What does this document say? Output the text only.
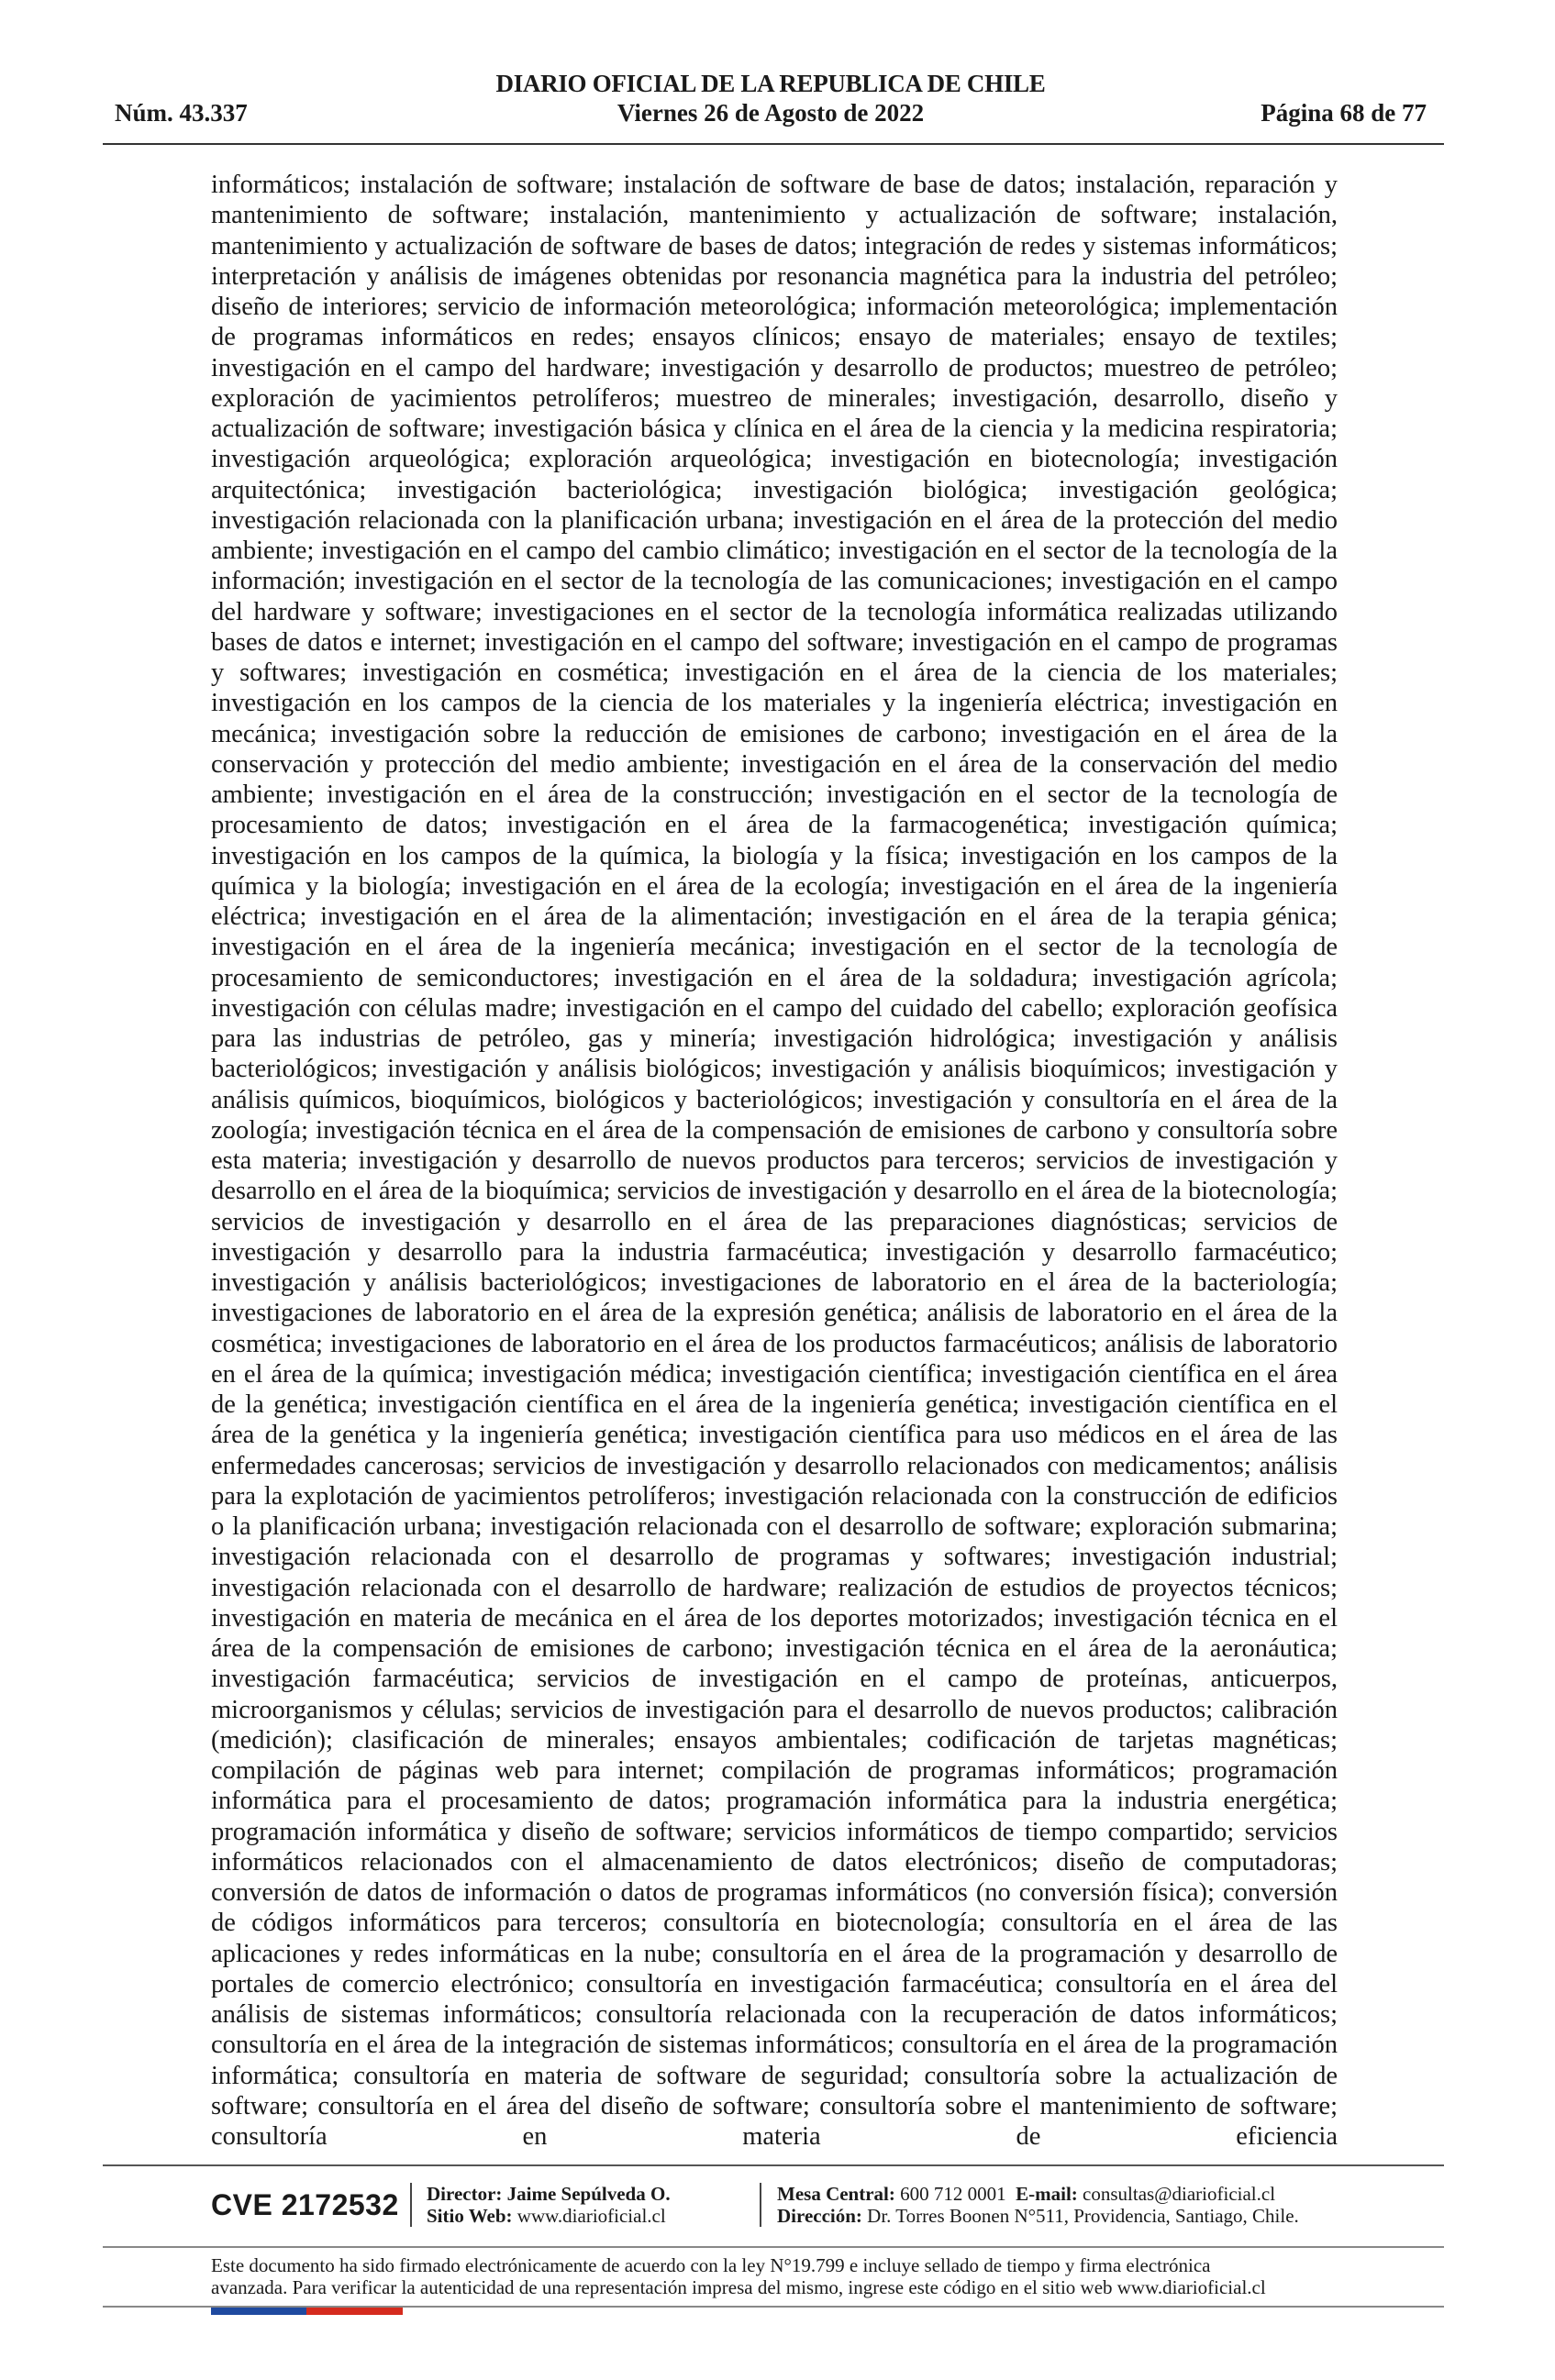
DIARIO OFICIAL DE LA REPUBLICA DE CHILE
Núm. 43.337	Viernes 26 de Agosto de 2022	Página 68 de 77
informáticos; instalación de software; instalación de software de base de datos; instalación, reparación y mantenimiento de software; instalación, mantenimiento y actualización de software; instalación, mantenimiento y actualización de software de bases de datos; integración de redes y sistemas informáticos; interpretación y análisis de imágenes obtenidas por resonancia magnética para la industria del petróleo; diseño de interiores; servicio de información meteorológica; información meteorológica; implementación de programas informáticos en redes; ensayos clínicos; ensayo de materiales; ensayo de textiles; investigación en el campo del hardware; investigación y desarrollo de productos; muestreo de petróleo; exploración de yacimientos petrolíferos; muestreo de minerales; investigación, desarrollo, diseño y actualización de software; investigación básica y clínica en el área de la ciencia y la medicina respiratoria; investigación arqueológica; exploración arqueológica; investigación en biotecnología; investigación arquitectónica; investigación bacteriológica; investigación biológica; investigación geológica; investigación relacionada con la planificación urbana; investigación en el área de la protección del medio ambiente; investigación en el campo del cambio climático; investigación en el sector de la tecnología de la información; investigación en el sector de la tecnología de las comunicaciones; investigación en el campo del hardware y software; investigaciones en el sector de la tecnología informática realizadas utilizando bases de datos e internet; investigación en el campo del software; investigación en el campo de programas y softwares; investigación en cosmética; investigación en el área de la ciencia de los materiales; investigación en los campos de la ciencia de los materiales y la ingeniería eléctrica; investigación en mecánica; investigación sobre la reducción de emisiones de carbono; investigación en el área de la conservación y protección del medio ambiente; investigación en el área de la conservación del medio ambiente; investigación en el área de la construcción; investigación en el sector de la tecnología de procesamiento de datos; investigación en el área de la farmacogenética; investigación química; investigación en los campos de la química, la biología y la física; investigación en los campos de la química y la biología; investigación en el área de la ecología; investigación en el área de la ingeniería eléctrica; investigación en el área de la alimentación; investigación en el área de la terapia génica; investigación en el área de la ingeniería mecánica; investigación en el sector de la tecnología de procesamiento de semiconductores; investigación en el área de la soldadura; investigación agrícola; investigación con células madre; investigación en el campo del cuidado del cabello; exploración geofísica para las industrias de petróleo, gas y minería; investigación hidrológica; investigación y análisis bacteriológicos; investigación y análisis biológicos; investigación y análisis bioquímicos; investigación y análisis químicos, bioquímicos, biológicos y bacteriológicos; investigación y consultoría en el área de la zoología; investigación técnica en el área de la compensación de emisiones de carbono y consultoría sobre esta materia; investigación y desarrollo de nuevos productos para terceros; servicios de investigación y desarrollo en el área de la bioquímica; servicios de investigación y desarrollo en el área de la biotecnología; servicios de investigación y desarrollo en el área de las preparaciones diagnósticas; servicios de investigación y desarrollo para la industria farmacéutica; investigación y desarrollo farmacéutico; investigación y análisis bacteriológicos; investigaciones de laboratorio en el área de la bacteriología; investigaciones de laboratorio en el área de la expresión genética; análisis de laboratorio en el área de la cosmética; investigaciones de laboratorio en el área de los productos farmacéuticos; análisis de laboratorio en el área de la química; investigación médica; investigación científica; investigación científica en el área de la genética; investigación científica en el área de la ingeniería genética; investigación científica en el área de la genética y la ingeniería genética; investigación científica para uso médicos en el área de las enfermedades cancerosas; servicios de investigación y desarrollo relacionados con medicamentos; análisis para la explotación de yacimientos petrolíferos; investigación relacionada con la construcción de edificios o la planificación urbana; investigación relacionada con el desarrollo de software; exploración submarina; investigación relacionada con el desarrollo de programas y softwares; investigación industrial; investigación relacionada con el desarrollo de hardware; realización de estudios de proyectos técnicos; investigación en materia de mecánica en el área de los deportes motorizados; investigación técnica en el área de la compensación de emisiones de carbono; investigación técnica en el área de la aeronáutica; investigación farmacéutica; servicios de investigación en el campo de proteínas, anticuerpos, microorganismos y células; servicios de investigación para el desarrollo de nuevos productos; calibración (medición); clasificación de minerales; ensayos ambientales; codificación de tarjetas magnéticas; compilación de páginas web para internet; compilación de programas informáticos; programación informática para el procesamiento de datos; programación informática para la industria energética; programación informática y diseño de software; servicios informáticos de tiempo compartido; servicios informáticos relacionados con el almacenamiento de datos electrónicos; diseño de computadoras; conversión de datos de información o datos de programas informáticos (no conversión física); conversión de códigos informáticos para terceros; consultoría en biotecnología; consultoría en el área de las aplicaciones y redes informáticas en la nube; consultoría en el área de la programación y desarrollo de portales de comercio electrónico; consultoría en investigación farmacéutica; consultoría en el área del análisis de sistemas informáticos; consultoría relacionada con la recuperación de datos informáticos; consultoría en el área de la integración de sistemas informáticos; consultoría en el área de la programación informática; consultoría en materia de software de seguridad; consultoría sobre la actualización de software; consultoría en el área del diseño de software; consultoría sobre el mantenimiento de software; consultoría en materia de eficiencia
CVE 2172532 Director: Jaime Sepúlveda O.
Sitio Web: www.diarioficial.cl
Mesa Central: 600 712 0001 E-mail: consultas@diarioficial.cl
Dirección: Dr. Torres Boonen N°511, Providencia, Santiago, Chile.
Este documento ha sido firmado electrónicamente de acuerdo con la ley N°19.799 e incluye sellado de tiempo y firma electrónica
avanzada. Para verificar la autenticidad de una representación impresa del mismo, ingrese este código en el sitio web www.diarioficial.cl
